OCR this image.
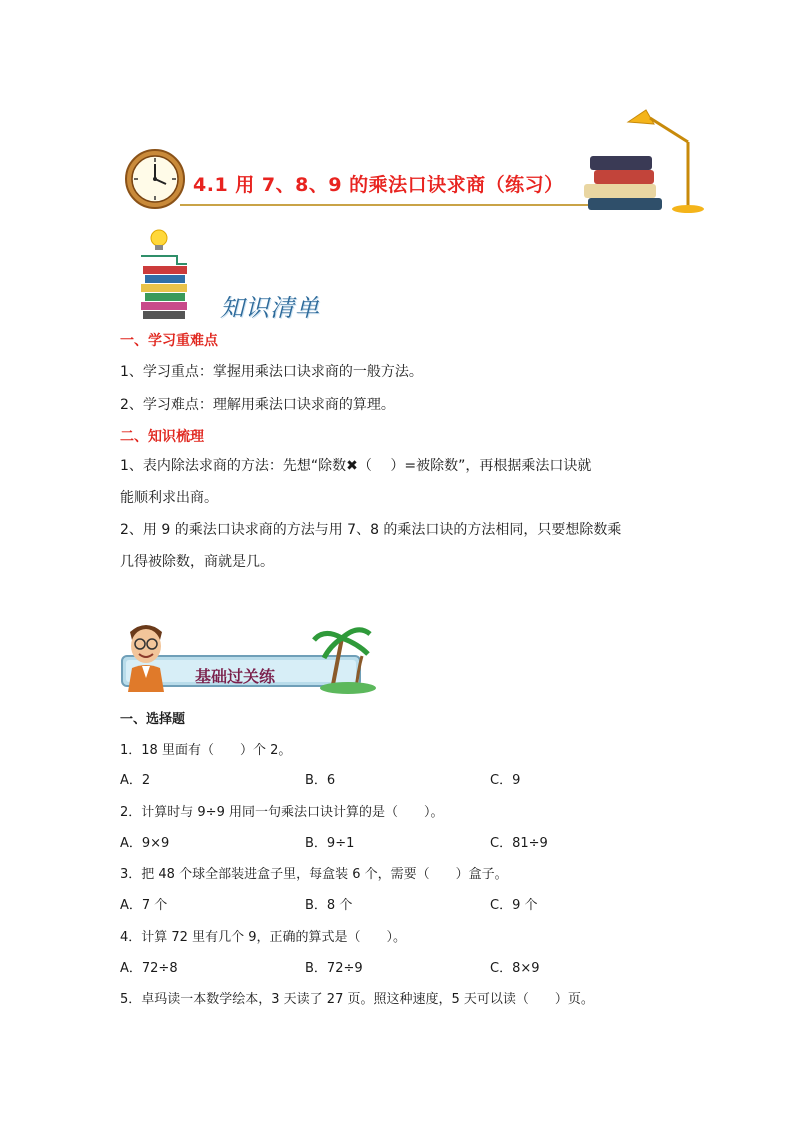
4.1 用 7、8、9 的乘法口诀求商（练习）
知识清单
一、学习重难点
1、学习重点：掌握用乘法口诀求商的一般方法。
2、学习难点：理解用乘法口诀求商的算理。
二、知识梳理
1、表内除法求商的方法：先想“除数✖（　 ）=被除数”，再根据乘法口诀就
能顺利求出商。
2、用 9 的乘法口诀求商的方法与用 7、8 的乘法口诀的方法相同，只要想除数乘
几得被除数，商就是几。
基础过关练
一、选择题
1．18 里面有（　　）个 2。
A．2	B．6	C．9
2．计算时与 9÷9 用同一句乘法口诀计算的是（　　）。
A．9×9	B．9÷1	C．81÷9
3．把 48 个球全部装进盒子里，每盒装 6 个，需要（　　）盒子。
A．7 个	B．8 个	C．9 个
4．计算 72 里有几个 9，正确的算式是（　　）。
A．72÷8	B．72÷9	C．8×9
5．卓玛读一本数学绘本，3 天读了 27 页。照这种速度，5 天可以读（　　）页。
